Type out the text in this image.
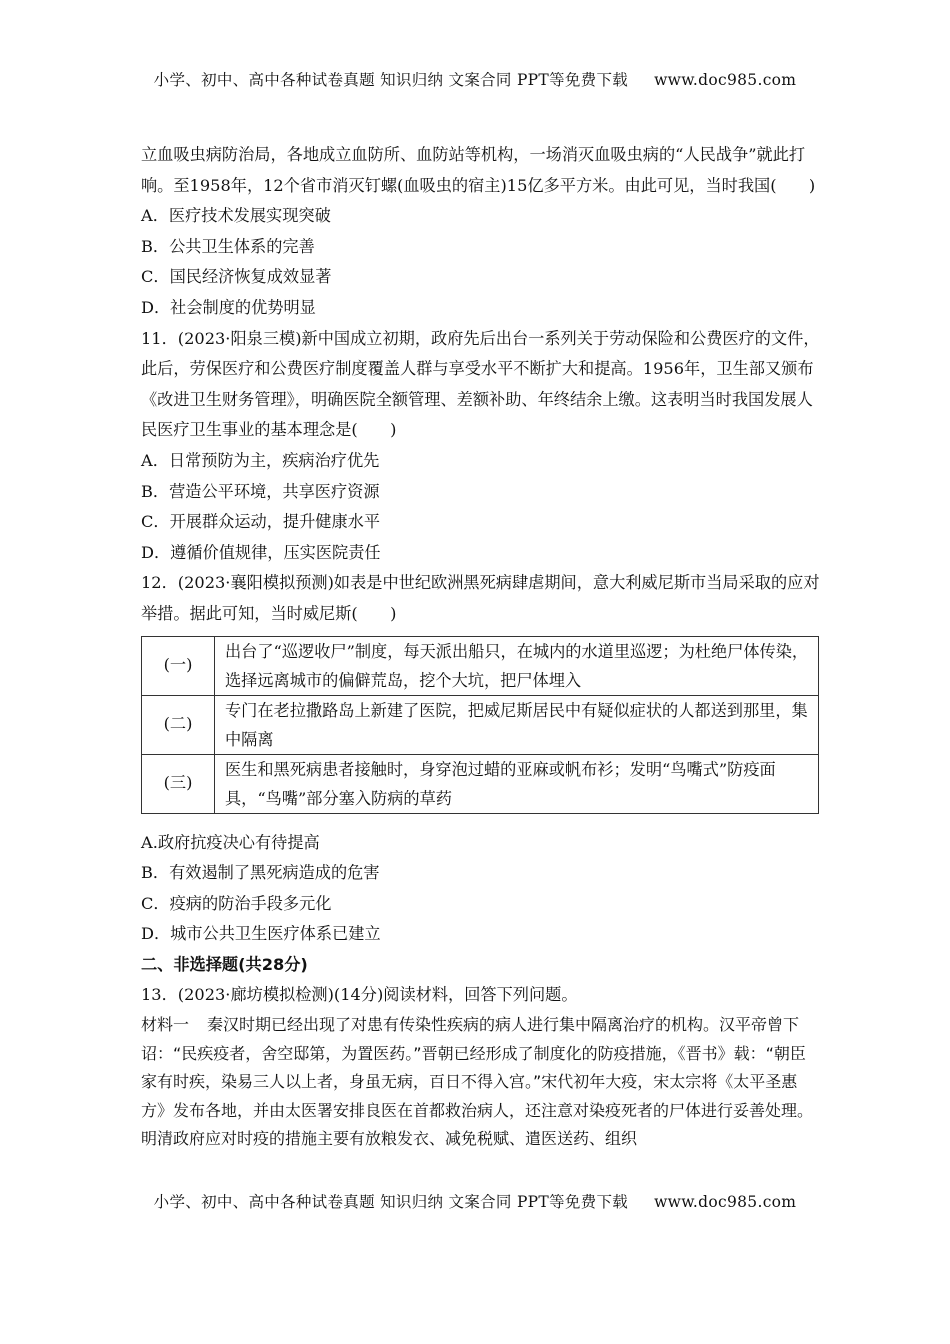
小学、初中、高中各种试卷真题 知识归纳 文案合同 PPT等免费下载 www.doc985.com

立血吸虫病防治局，各地成立血防所、血防站等机构，一场消灭血吸虫病的“人民战争”就此打响。至1958年，12个省市消灭钉螺(血吸虫的宿主)15亿多平方米。由此可见，当时我国(　　)

A．医疗技术发展实现突破

B．公共卫生体系的完善

C．国民经济恢复成效显著

D．社会制度的优势明显

11．(2023·阳泉三模)新中国成立初期，政府先后出台一系列关于劳动保险和公费医疗的文件，此后，劳保医疗和公费医疗制度覆盖人群与享受水平不断扩大和提高。1956年，卫生部又颁布《改进卫生财务管理》，明确医院全额管理、差额补助、年终结余上缴。这表明当时我国发展人民医疗卫生事业的基本理念是(　　)

A．日常预防为主，疾病治疗优先

B．营造公平环境，共享医疗资源

C．开展群众运动，提升健康水平

D．遵循价值规律，压实医院责任

12．(2023·襄阳模拟预测)如表是中世纪欧洲黑死病肆虐期间，意大利威尼斯市当局采取的应对举措。据此可知，当时威尼斯(　　)

(一)	出台了“巡逻收尸”制度，每天派出船只，在城内的水道里巡逻；为杜绝尸体传染，选择远离城市的偏僻荒岛，挖个大坑，把尸体埋入
(二)	专门在老拉撒路岛上新建了医院，把威尼斯居民中有疑似症状的人都送到那里，集中隔离
(三)	医生和黑死病患者接触时，身穿泡过蜡的亚麻或帆布衫；发明“鸟嘴式”防疫面具，“鸟嘴”部分塞入防病的草药

A.政府抗疫决心有待提高

B．有效遏制了黑死病造成的危害

C．疫病的防治手段多元化

D．城市公共卫生医疗体系已建立

二、非选择题(共28分)

13．(2023·廊坊模拟检测)(14分)阅读材料，回答下列问题。

材料一 秦汉时期已经出现了对患有传染性疾病的病人进行集中隔离治疗的机构。汉平帝曾下诏：“民疾疫者，舍空邸第，为置医药。”晋朝已经形成了制度化的防疫措施，《晋书》载：“朝臣家有时疾，染易三人以上者，身虽无病，百日不得入宫。”宋代初年大疫，宋太宗将《太平圣惠方》发布各地，并由太医署安排良医在首都救治病人，还注意对染疫死者的尸体进行妥善处理。明清政府应对时疫的措施主要有放粮发衣、减免税赋、遣医送药、组织

小学、初中、高中各种试卷真题 知识归纳 文案合同 PPT等免费下载 www.doc985.com
